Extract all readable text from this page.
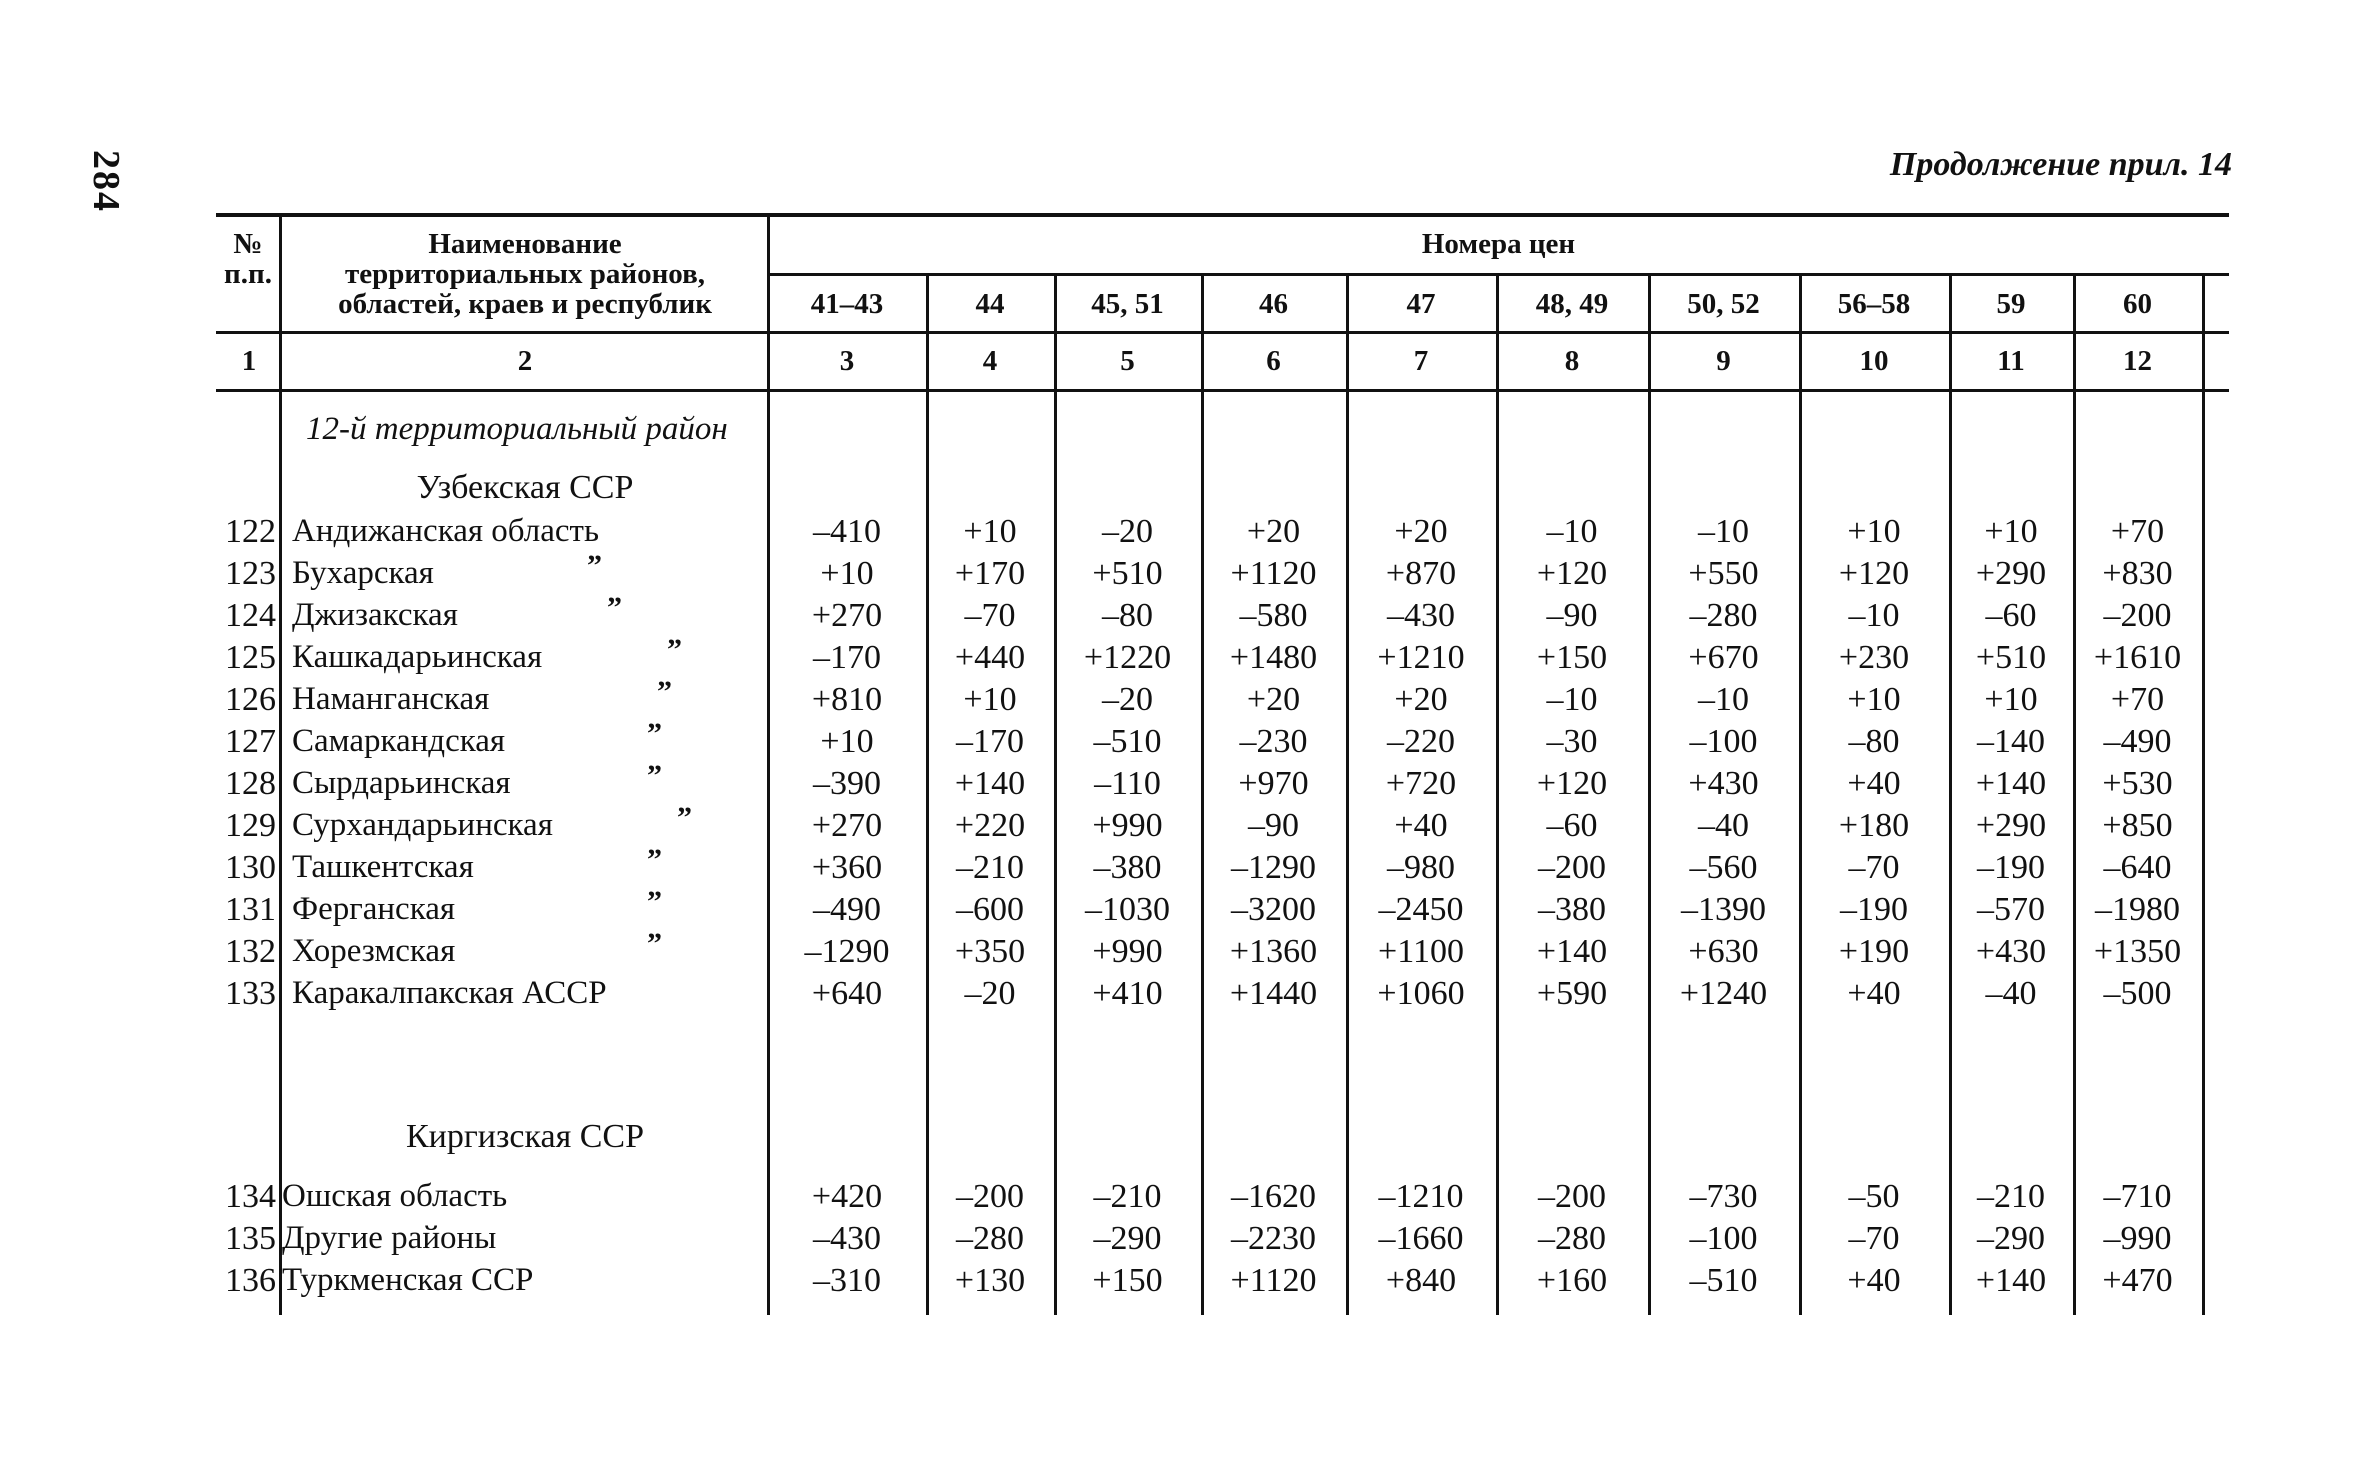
284	Продолжение прил. 14
№
п.п.
Наименование
территориальных районов,
областей, краев и республик
Номера цен
41–43	44	45, 51	46	47	48, 49	50, 52	56–58	59	60
1	2	3	4	5	6	7	8	9	10	11	12
12-й территориальный район
Узбекская ССР
Киргизская ССР
122 Андижанская область	–410	+10	–20	+20	+20	–10	–10	+10	+10	+70
123 Бухарская	”	+10	+170	+510	+1120	+870	+120	+550	+120	+290	+830
124 Джизакская	”	+270	–70	–80	–580	–430	–90	–280	–10	–60	–200
125 Кашкадарьинская	”	–170	+440	+1220	+1480	+1210	+150	+670	+230	+510	+1610
126 Наманганская	”	+810	+10	–20	+20	+20	–10	–10	+10	+10	+70
127 Самаркандская	”	+10	–170	–510	–230	–220	–30	–100	–80	–140	–490
128 Сырдарьинская	”	–390	+140	–110	+970	+720	+120	+430	+40	+140	+530
129 Сурхандарьинская	”	+270	+220	+990	–90	+40	–60	–40	+180	+290	+850
130 Ташкентская	”	+360	–210	–380	–1290	–980	–200	–560	–70	–190	–640
131 Ферганская	”	–490	–600	–1030	–3200	–2450	–380	–1390	–190	–570	–1980
132 Хорезмская	”	–1290	+350	+990	+1360	+1100	+140	+630	+190	+430	+1350
133 Каракалпакская АССР	+640	–20	+410	+1440	+1060	+590	+1240	+40	–40	–500
134 Ошская область	+420	–200	–210	–1620	–1210	–200	–730	–50	–210	–710
135 Другие районы	–430	–280	–290	–2230	–1660	–280	–100	–70	–290	–990
136 Туркменская ССР	–310	+130	+150	+1120	+840	+160	–510	+40	+140	+470
